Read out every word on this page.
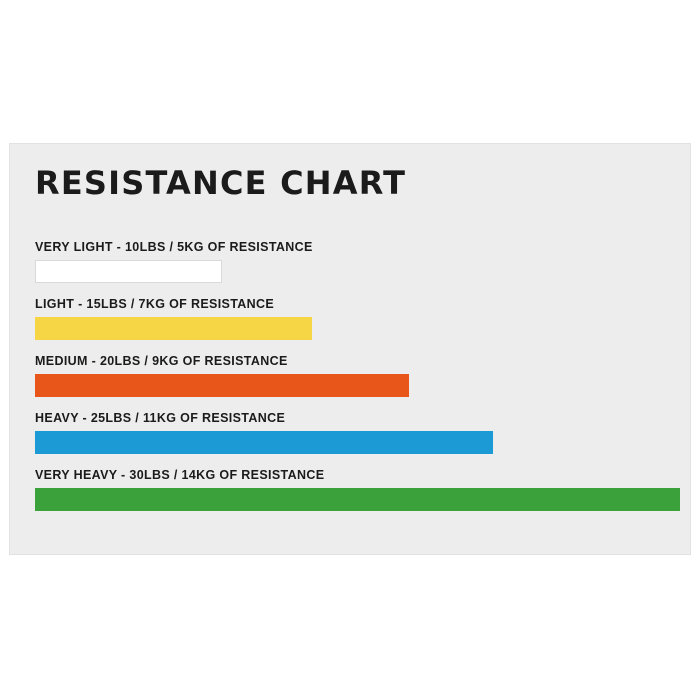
RESISTANCE CHART
VERY LIGHT - 10LBS / 5KG OF RESISTANCE
LIGHT - 15LBS / 7KG OF RESISTANCE
MEDIUM - 20LBS / 9KG OF RESISTANCE
HEAVY - 25LBS / 11KG OF RESISTANCE
VERY HEAVY - 30LBS / 14KG OF RESISTANCE
